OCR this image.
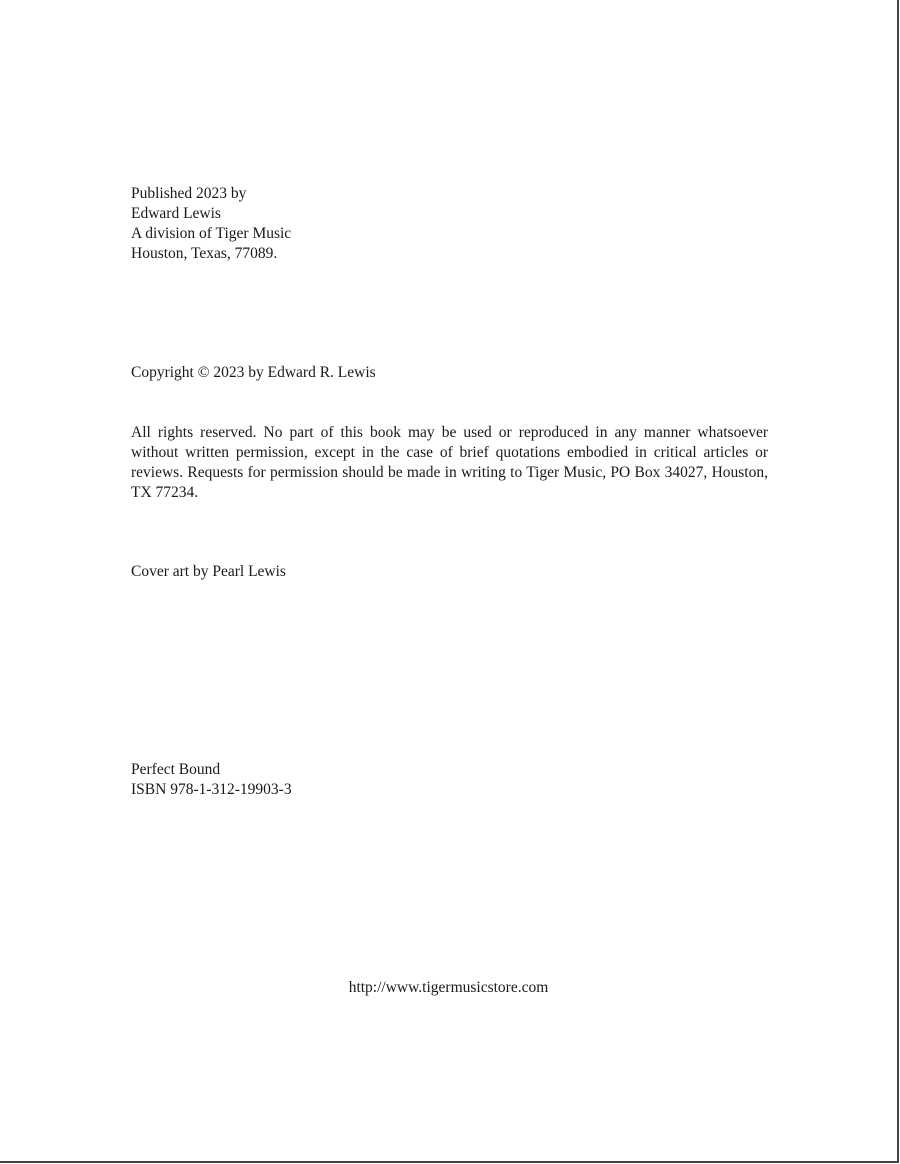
Published 2023 by
Edward Lewis
A division of Tiger Music
Houston, Texas, 77089.
Copyright © 2023 by Edward R. Lewis

All rights reserved. No part of this book may be used or reproduced in any manner whatsoever without written permission, except in the case of brief quotations embodied in critical articles or reviews. Requests for permission should be made in writing to Tiger Music, PO Box 34027, Houston, TX 77234.

Cover art by Pearl Lewis
Perfect Bound
ISBN 978-1-312-19903-3
http://www.tigermusicstore.com
